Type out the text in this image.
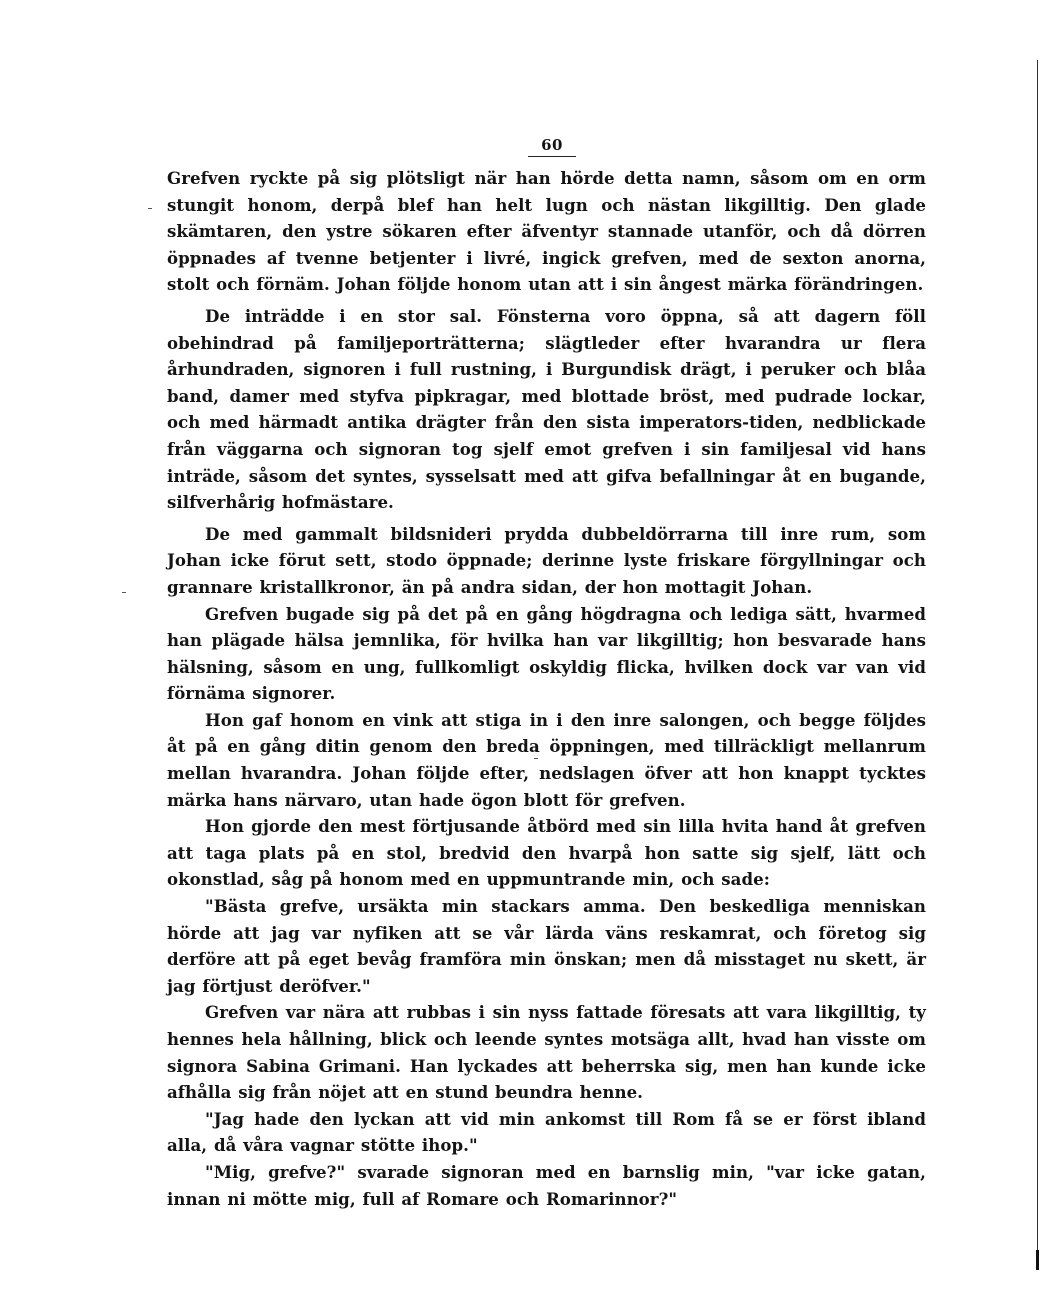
60

Grefven ryckte på sig plötsligt när han hörde detta namn, såsom om en orm stungit honom, derpå blef han helt lugn och nästan likgilltig. Den glade skämtaren, den ystre sökaren efter äfventyr stannade utanför, och då dörren öppnades af tvenne betjenter i livré, ingick grefven, med de sexton anorna, stolt och förnäm. Johan följde honom utan att i sin ångest märka förändringen.

De inträdde i en stor sal. Fönsterna voro öppna, så att dagern föll obehindrad på familjeporträtterna; slägtleder efter hvarandra ur flera århundraden, signoren i full rustning, i Burgundisk drägt, i peruker och blåa band, damer med styfva pipkragar, med blottade bröst, med pudrade lockar, och med härmadt antika drägter från den sista imperators-tiden, nedblickade från väggarna och signoran tog sjelf emot grefven i sin familjesal vid hans inträde, såsom det syntes, sysselsatt med att gifva befallningar åt en bugande, silfverhårig hofmästare.

De med gammalt bildsnideri prydda dubbeldörrarna till inre rum, som Johan icke förut sett, stodo öppnade; derinne lyste friskare förgyllningar och grannare kristallkronor, än på andra sidan, der hon mottagit Johan.

Grefven bugade sig på det på en gång högdragna och lediga sätt, hvarmed han plägade hälsa jemnlika, för hvilka han var likgilltig; hon besvarade hans hälsning, såsom en ung, fullkomligt oskyldig flicka, hvilken dock var van vid förnäma signorer.

Hon gaf honom en vink att stiga in i den inre salongen, och begge följdes åt på en gång ditin genom den breda öppningen, med tillräckligt mellanrum mellan hvarandra. Johan följde efter, nedslagen öfver att hon knappt tycktes märka hans närvaro, utan hade ögon blott för grefven.

Hon gjorde den mest förtjusande åtbörd med sin lilla hvita hand åt grefven att taga plats på en stol, bredvid den hvarpå hon satte sig sjelf, lätt och okonstlad, såg på honom med en uppmuntrande min, och sade:

"Bästa grefve, ursäkta min stackars amma. Den beskedliga menniskan hörde att jag var nyfiken att se vår lärda väns reskamrat, och företog sig derföre att på eget bevåg framföra min önskan; men då misstaget nu skett, är jag förtjust deröfver."

Grefven var nära att rubbas i sin nyss fattade föresats att vara likgilltig, ty hennes hela hållning, blick och leende syntes motsäga allt, hvad han visste om signora Sabina Grimani. Han lyckades att beherrska sig, men han kunde icke afhålla sig från nöjet att en stund beundra henne.

"Jag hade den lyckan att vid min ankomst till Rom få se er först ibland alla, då våra vagnar stötte ihop."

"Mig, grefve?" svarade signoran med en barnslig min, "var icke gatan, innan ni mötte mig, full af Romare och Romarinnor?"
